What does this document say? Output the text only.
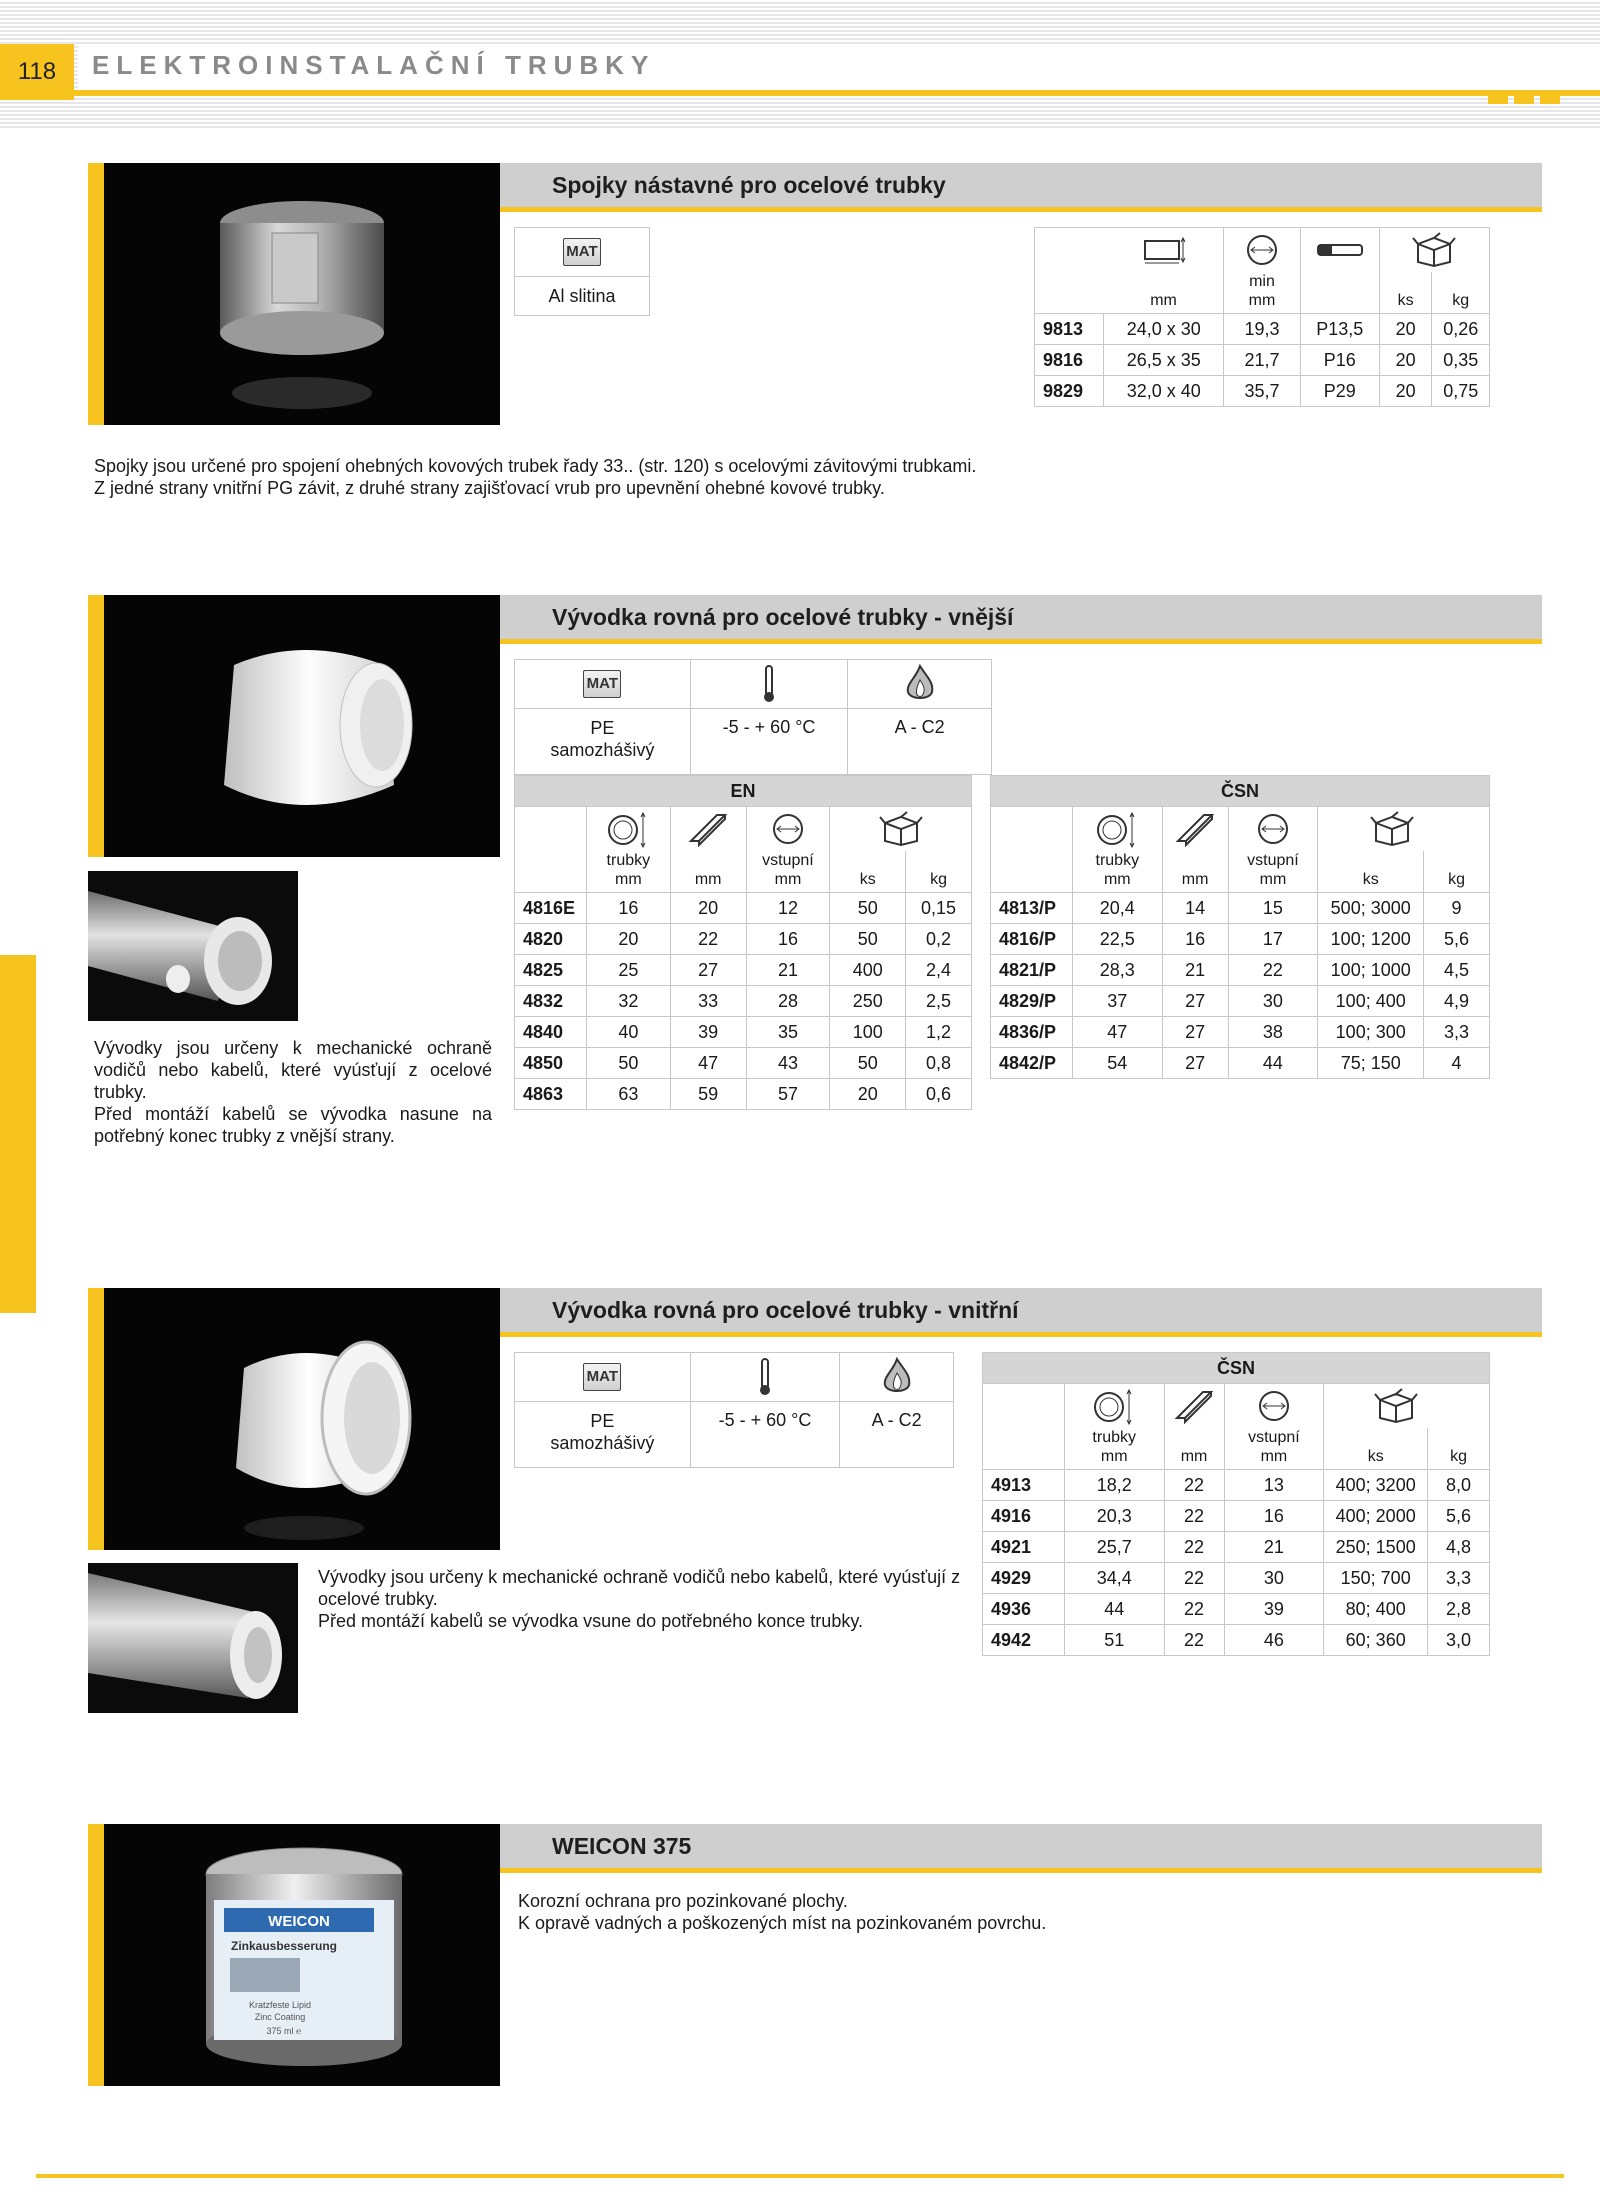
118	ELEKTROINSTALAČNÍ TRUBKY
Spojky nástavné pro ocelové trubky
MAT
Al slitina

		mm	min
mm		ks	kg
9813	24,0 x 30	19,3	P13,5	20	0,26
9816	26,5 x 35	21,7	P16	20	0,35
9829	32,0 x 40	35,7	P29	20	0,75
Spojky jsou určené pro spojení ohebných kovových trubek řady 33.. (str. 120) s ocelovými závitovými trubkami.
Z jedné strany vnitřní PG závit, z druhé strany zajišťovací vrub pro upevnění ohebné kovové trubky.
Vývodka rovná pro ocelové trubky - vnější
MAT	

PE
samozhášivý	-5 - + 60 °C	A - C2
EN					

	trubky
mm	mm	vstupní
mm	ks	kg
4816E	16	20	12	50	0,15
4820	20	22	16	50	0,2
4825	25	27	21	400	2,4
4832	32	33	28	250	2,5
4840	40	39	35	100	1,2
4850	50	47	43	50	0,8
4863	63	59	57	20	0,6
ČSN					

	trubky
mm	mm	vstupní
mm	ks	kg
4813/P	20,4	14	15	500; 3000	9
4816/P	22,5	16	17	100; 1200	5,6
4821/P	28,3	21	22	100; 1000	4,5
4829/P	37	27	30	100; 400	4,9
4836/P	47	27	38	100; 300	3,3
4842/P	54	27	44	75; 150	4
Vývodky jsou určeny k mechanické ochraně vodičů nebo kabelů, které vyúsťují z ocelové trubky.
Před montáží kabelů se vývodka nasune na potřebný konec trubky z vnější strany.
Vývodka rovná pro ocelové trubky - vnitřní
MAT	

PE
samozhášivý	-5 - + 60 °C	A - C2
ČSN					

	trubky
mm	mm	vstupní
mm	ks	kg
4913	18,2	22	13	400; 3200	8,0
4916	20,3	22	16	400; 2000	5,6
4921	25,7	22	21	250; 1500	4,8
4929	34,4	22	30	150; 700	3,3
4936	44	22	39	80; 400	2,8
4942	51	22	46	60; 360	3,0
Vývodky jsou určeny k mechanické ochraně vodičů nebo kabelů, které vyúsťují z ocelové trubky.
Před montáží kabelů se vývodka vsune do potřebného konce trubky.
WEICON
Zinkausbesserung
Kratzfeste Lipid
Zinc Coating
375 ml ℮
WEICON 375
Korozní ochrana pro pozinkované plochy.
K opravě vadných a poškozených míst na pozinkovaném povrchu.
